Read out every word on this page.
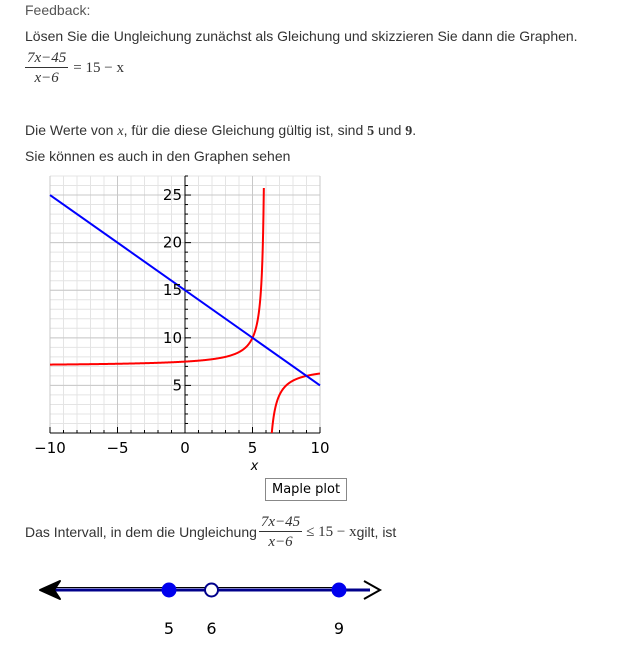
Feedback:
Lösen Sie die Ungleichung zunächst als Gleichung und skizzieren Sie dann die Graphen.
$\frac{7x-45}{x-6} = 15 - x$
Die Werte von x, für die diese Gleichung gültig ist, sind 5 und 9.
Sie können es auch in den Graphen sehen
−10	−5	0	5	10
5
10
15
20
25
x
Maple plot
Das Intervall, in dem die Ungleichung $\frac{7x-45}{x-6} \le 15 - x$ gilt, ist
5 6	9
